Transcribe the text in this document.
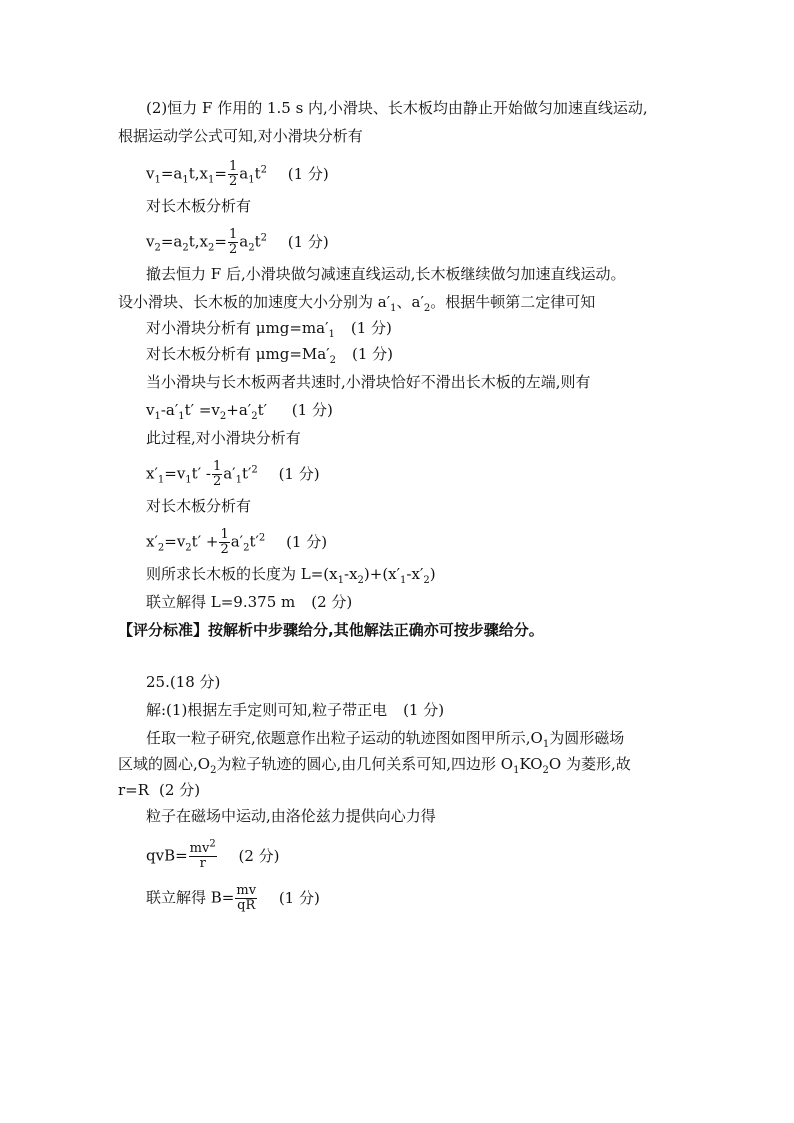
(2)恒力 F 作用的 1.5 s 内,小滑块、长木板均由静止开始做匀加速直线运动,
根据运动学公式可知,对小滑块分析有
$v_1=a_1t,x_1= \frac{1}{2} a_1t^2$ (1 分)
对长木板分析有
$v_2=a_2t,x_2= \frac{1}{2} a_2t^2$ (1 分)
撤去恒力 F 后,小滑块做匀减速直线运动,长木板继续做匀加速直线运动。
设小滑块、长木板的加速度大小分别为 $a'_1$、$a'_2$。根据牛顿第二定律可知
对小滑块分析有 $\mu mg=ma'_1$ (1 分)
对长木板分析有 $\mu mg=Ma'_2$ (1 分)
当小滑块与长木板两者共速时,小滑块恰好不滑出长木板的左端,则有
$v_1-a'_1t' =v_2+a'_2t'$ (1 分)
此过程,对小滑块分析有
$x'_1=v_1t' - \frac{1}{2} a'_1t'^2$ (1 分)
对长木板分析有
$x'_2=v_2t' + \frac{1}{2} a'_2t'^2$ (1 分)
则所求长木板的长度为 $L=(x_1-x_2)+(x'_1-x'_2)$
联立解得 L=9.375 m (2 分)
【评分标准】按解析中步骤给分,其他解法正确亦可按步骤给分。
25.(18 分)
解:(1)根据左手定则可知,粒子带正电 (1 分)
任取一粒子研究,依题意作出粒子运动的轨迹图如图甲所示$,O_1$为圆形磁场
区域的圆心$,O_2$为粒子轨迹的圆心,由几何关系可知,四边形 $O_1KO_2O$ 为菱形,故
r=R (2 分)
粒子在磁场中运动,由洛伦兹力提供向心力得
$qvB= \frac{mv^2}{r} (2$ 分)
联立解得 $B= \frac{mv}{qR} (1$ 分)
